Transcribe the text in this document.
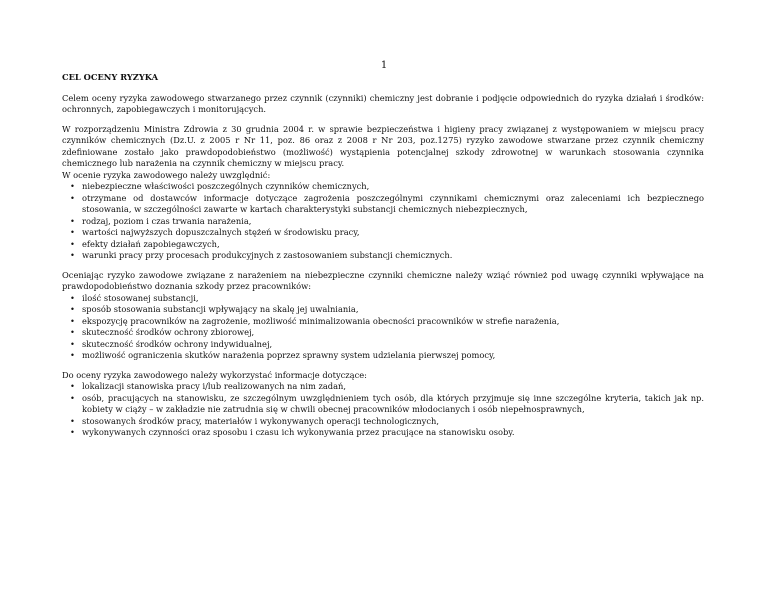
1
CEL OCENY RYZYKA

Celem oceny ryzyka zawodowego stwarzanego przez czynnik (czynniki) chemiczny jest dobranie i podjęcie odpowiednich do ryzyka działań i środków: ochronnych, zapobiegawczych i monitorujących.

W rozporządzeniu Ministra Zdrowia z 30 grudnia 2004 r. w sprawie bezpieczeństwa i higieny pracy związanej z występowaniem w miejscu pracy czynników chemicznych (Dz.U. z 2005 r Nr 11, poz. 86 oraz z 2008 r Nr 203, poz.1275) ryzyko zawodowe stwarzane przez czynnik chemiczny zdefiniowane zostało jako prawdopodobieństwo (możliwość) wystąpienia potencjalnej szkody zdrowotnej w warunkach stosowania czynnika chemicznego lub narażenia na czynnik chemiczny w miejscu pracy.

W ocenie ryzyka zawodowego należy uwzględnić:

• niebezpieczne właściwości poszczególnych czynników chemicznych,
• otrzymane od dostawców informacje dotyczące zagrożenia poszczególnymi czynnikami chemicznymi oraz zaleceniami ich bezpiecznego stosowania, w szczególności zawarte w kartach charakterystyki substancji chemicznych niebezpiecznych,
• rodzaj, poziom i czas trwania narażenia,
• wartości najwyższych dopuszczalnych stężeń w środowisku pracy,
• efekty działań zapobiegawczych,
• warunki pracy przy procesach produkcyjnych z zastosowaniem substancji chemicznych.

Oceniając ryzyko zawodowe związane z narażeniem na niebezpieczne czynniki chemiczne należy wziąć również pod uwagę czynniki wpływające na prawdopodobieństwo doznania szkody przez pracowników:

• ilość stosowanej substancji,
• sposób stosowania substancji wpływający na skalę jej uwalniania,
• ekspozycję pracowników na zagrożenie, możliwość minimalizowania obecności pracowników w strefie narażenia,
• skuteczność środków ochrony zbiorowej,
• skuteczność środków ochrony indywidualnej,
• możliwość ograniczenia skutków narażenia poprzez sprawny system udzielania pierwszej pomocy,

Do oceny ryzyka zawodowego należy wykorzystać informacje dotyczące:

• lokalizacji stanowiska pracy i/lub realizowanych na nim zadań,
• osób, pracujących na stanowisku, ze szczególnym uwzględnieniem tych osób, dla których przyjmuje się inne szczególne kryteria, takich jak np. kobiety w ciąży – w zakładzie nie zatrudnia się w chwili obecnej pracowników młodocianych i osób niepełnosprawnych,
• stosowanych środków pracy, materiałów i wykonywanych operacji technologicznych,
• wykonywanych czynności oraz sposobu i czasu ich wykonywania przez pracujące na stanowisku osoby.
